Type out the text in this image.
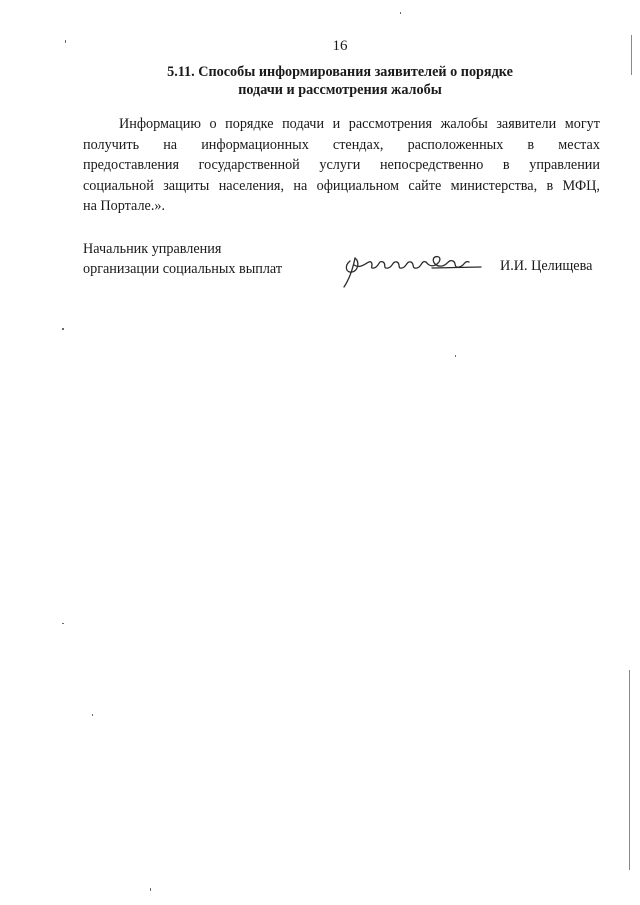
16
5.11. Способы информирования заявителей о порядке
подачи и рассмотрения жалобы
Информацию о порядке подачи и рассмотрения жалобы заявители могут
получить на информационных стендах, расположенных в местах
предоставления государственной услуги непосредственно в управлении
социальной защиты населения, на официальном сайте министерства, в МФЦ,
на Портале.».
Начальник управления
организации социальных выплат	И.И. Целищева
